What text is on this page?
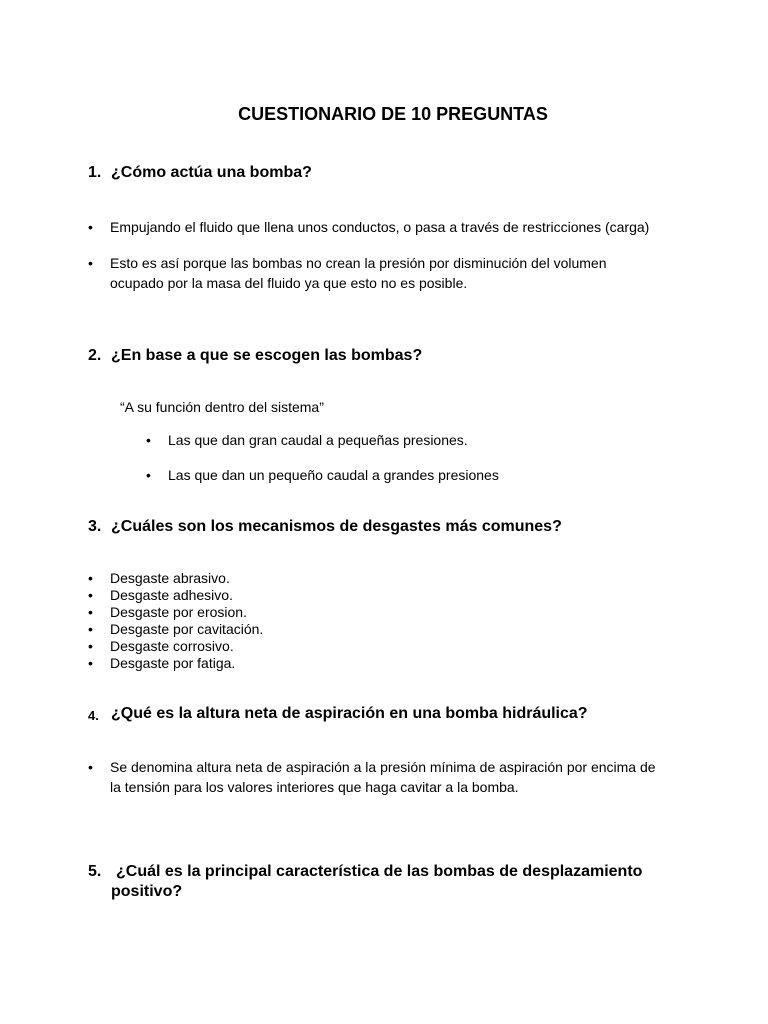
CUESTIONARIO DE 10 PREGUNTAS
1. ¿Cómo actúa una bomba?
• Empujando el fluido que llena unos conductos, o pasa a través de restricciones (carga)
• Esto es así porque las bombas no crean la presión por disminución del volumen
ocupado por la masa del fluido ya que esto no es posible.
2. ¿En base a que se escogen las bombas?
“A su función dentro del sistema”
• Las que dan gran caudal a pequeñas presiones.
• Las que dan un pequeño caudal a grandes presiones
3. ¿Cuáles son los mecanismos de desgastes más comunes?
• Desgaste abrasivo.
• Desgaste adhesivo.
• Desgaste por erosion.
• Desgaste por cavitación.
• Desgaste corrosivo.
• Desgaste por fatiga.
4. ¿Qué es la altura neta de aspiración en una bomba hidráulica?
• Se denomina altura neta de aspiración a la presión mínima de aspiración por encima de
la tensión para los valores interiores que haga cavitar a la bomba.
5. ¿Cuál es la principal característica de las bombas de desplazamiento
positivo?
